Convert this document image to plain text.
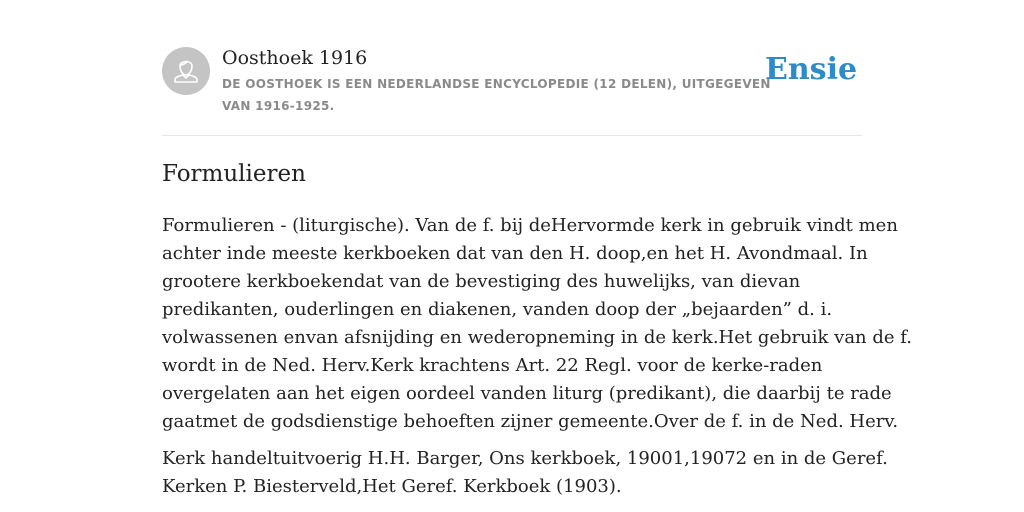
Oosthoek 1916
DE OOSTHOEK IS EEN NEDERLANDSE ENCYCLOPEDIE (12 DELEN), UITGEGEVEN
VAN 1916-1925.
Ensie
Formulieren

Formulieren - (liturgische). Van de f. bij deHervormde kerk in gebruik vindt men
achter inde meeste kerkboeken dat van den H. doop,en het H. Avondmaal. In
grootere kerkboekendat van de bevestiging des huwelijks, van dievan
predikanten, ouderlingen en diakenen, vanden doop der „bejaarden” d. i.
volwassenen envan afsnijding en wederopneming in de kerk.Het gebruik van de f.
wordt in de Ned. Herv.Kerk krachtens Art. 22 Regl. voor de kerke-raden
overgelaten aan het eigen oordeel vanden liturg (predikant), die daarbij te rade
gaatmet de godsdienstige behoeften zijner gemeente.Over de f. in de Ned. Herv.

Kerk handeltuitvoerig H.H. Barger, Ons kerkboek, 19001,19072 en in de Geref.
Kerken P. Biesterveld,Het Geref. Kerkboek (1903).
